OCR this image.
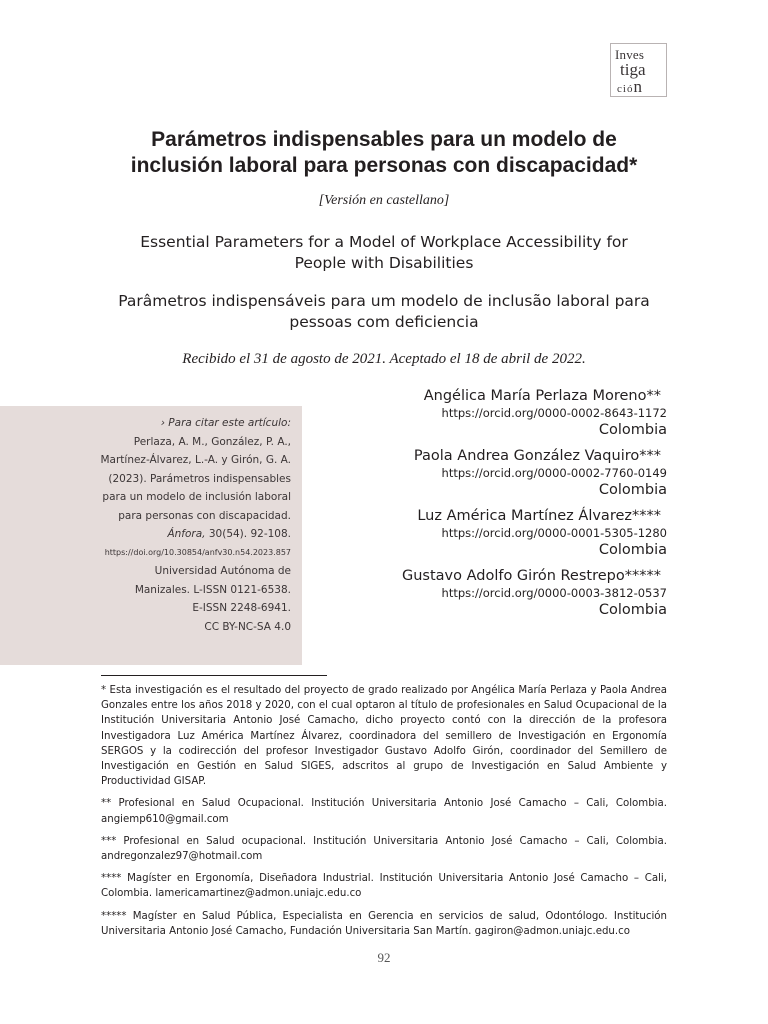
Inves
tiga
ción
Parámetros indispensables para un modelo de
inclusión laboral para personas con discapacidad*
[Versión en castellano]
Essential Parameters for a Model of Workplace Accessibility for
People with Disabilities
Parâmetros indispensáveis para um modelo de inclusão laboral para
pessoas com deficiencia
Recibido el 31 de agosto de 2021. Aceptado el 18 de abril de 2022.
Angélica María Perlaza Moreno**
https://orcid.org/0000-0002-8643-1172
Colombia
Paola Andrea González Vaquiro***
https://orcid.org/0000-0002-7760-0149
Colombia
Luz América Martínez Álvarez****
https://orcid.org/0000-0001-5305-1280
Colombia
Gustavo Adolfo Girón Restrepo*****
https://orcid.org/0000-0003-3812-0537
Colombia
› Para citar este artículo:
Perlaza, A. M., González, P. A.,
Martínez-Álvarez, L.-A. y Girón, G. A.
(2023). Parámetros indispensables
para un modelo de inclusión laboral
para personas con discapacidad.
Ánfora, 30(54). 92-108.
https://doi.org/10.30854/anfv30.n54.2023.857
Universidad Autónoma de
Manizales. L-ISSN 0121-6538.
E-ISSN 2248-6941.
CC BY-NC-SA 4.0

* Esta investigación es el resultado del proyecto de grado realizado por Angélica María Perlaza y Paola Andrea Gonzales entre los años 2018 y 2020, con el cual optaron al título de profesionales en Salud Ocupacional de la Institución Universitaria Antonio José Camacho, dicho proyecto contó con la dirección de la profesora Investigadora Luz América Martínez Álvarez, coordinadora del semillero de Investigación en Ergonomía SERGOS y la codirección del profesor Investigador Gustavo Adolfo Girón, coordinador del Semillero de Investigación en Gestión en Salud SIGES, adscritos al grupo de Investigación en Salud Ambiente y Productividad GISAP.

** Profesional en Salud Ocupacional. Institución Universitaria Antonio José Camacho – Cali, Colombia. angiemp610@gmail.com

*** Profesional en Salud ocupacional. Institución Universitaria Antonio José Camacho – Cali, Colombia. andregonzalez97@hotmail.com

**** Magíster en Ergonomía, Diseñadora Industrial. Institución Universitaria Antonio José Camacho – Cali, Colombia. lamericamartinez@admon.uniajc.edu.co

***** Magíster en Salud Pública, Especialista en Gerencia en servicios de salud, Odontólogo. Institución Universitaria Antonio José Camacho, Fundación Universitaria San Martín. gagiron@admon.uniajc.edu.co

92
